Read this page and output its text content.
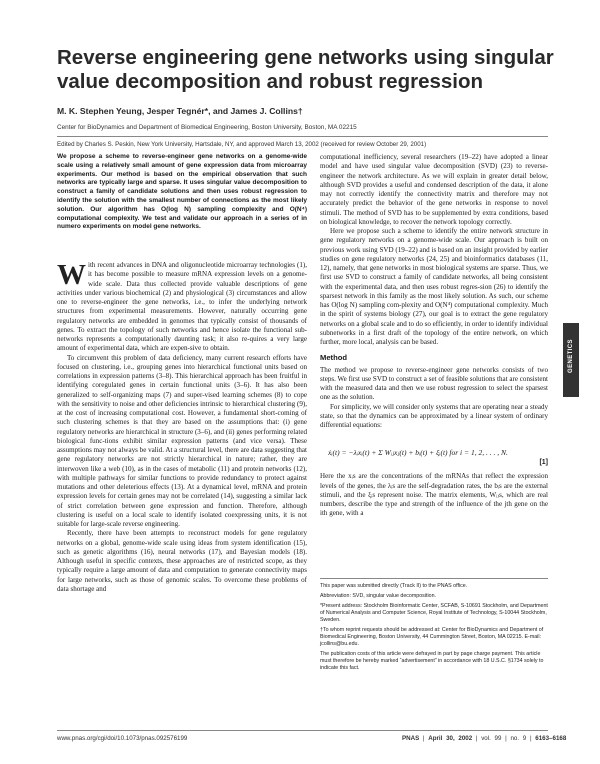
Reverse engineering gene networks using singular value decomposition and robust regression
M. K. Stephen Yeung, Jesper Tegnér*, and James J. Collins†
Center for BioDynamics and Department of Biomedical Engineering, Boston University, Boston, MA 02215
Edited by Charles S. Peskin, New York University, Hartsdale, NY, and approved March 13, 2002 (received for review October 29, 2001)

We propose a scheme to reverse-engineer gene networks on a genome-wide scale using a relatively small amount of gene expression data from microarray experiments. Our method is based on the empirical observation that such networks are typically large and sparse. It uses singular value decomposition to construct a family of candidate solutions and then uses robust regression to identify the solution with the smallest number of connections as the most likely solution. Our algorithm has O(log N) sampling complexity and O(N⁴) computational complexity. We test and validate our approach in a series of in numero experiments on model gene networks.

W ith recent advances in DNA and oligonucleotide microarray technologies (1), it has become possible to measure mRNA expression levels on a genome-wide scale. Data thus collected provide valuable descriptions of gene activities under various biochemical (2) and physiological (3) circumstances and allow one to reverse-engineer the gene networks, i.e., to infer the underlying network structures from experimental measurements. However, naturally occurring gene regulatory networks are embedded in genomes that typically consist of thousands of genes. To extract the topology of such networks and hence isolate the functional sub-networks represents a computationally daunting task; it also re-quires a very large amount of experimental data, which are expen-sive to obtain.

To circumvent this problem of data deficiency, many current research efforts have focused on clustering, i.e., grouping genes into hierarchical functional units based on correlations in expression patterns (3–8). This hierarchical approach has been fruitful in identifying coregulated genes in certain functional units (3–6). It has also been generalized to self-organizing maps (7) and super-vised learning schemes (8) to cope with the sensitivity to noise and other deficiencies intrinsic to hierarchical clustering (9), at the cost of increasing computational cost. However, a fundamental short-coming of such clustering schemes is that they are based on the assumptions that: (i) gene regulatory networks are hierarchical in structure (3–6), and (ii) genes performing related biological func-tions exhibit similar expression patterns (and vice versa). These assumptions may not always be valid. At a structural level, there are data suggesting that gene regulatory networks are not strictly hierarchical in nature; rather, they are interwoven like a web (10), as in the cases of metabolic (11) and protein networks (12), with multiple pathways for similar functions to provide redundancy to protect against mutations and other deleterious effects (13). At a dynamical level, mRNA and protein expression levels for certain genes may not be correlated (14), suggesting a similar lack of strict correlation between gene expression and function. Therefore, although clustering is useful on a local scale to identify isolated coexpressing units, it is not suitable for large-scale reverse engineering.

Recently, there have been attempts to reconstruct models for gene regulatory networks on a global, genome-wide scale using ideas from system identification (15), such as genetic algorithms (16), neural networks (17), and Bayesian models (18). Although useful in specific contexts, these approaches are of restricted scope, as they typically require a large amount of data and computation to generate connectivity maps for large networks, such as those of genomic scales. To overcome these problems of data shortage and

computational inefficiency, several researchers (19–22) have adopted a linear model and have used singular value decomposition (SVD) (23) to reverse-engineer the network architecture. As we will explain in greater detail below, although SVD provides a useful and condensed description of the data, it alone may not correctly identify the connectivity matrix and therefore may not accurately predict the behavior of the gene networks in response to novel stimuli. The method of SVD has to be supplemented by extra conditions, based on biological knowledge, to recover the network topology correctly.

Here we propose such a scheme to identify the entire network structure in gene regulatory networks on a genome-wide scale. Our approach is built on previous work using SVD (19–22) and is based on an insight provided by earlier studies on gene regulatory networks (24, 25) and bioinformatics databases (11, 12), namely, that gene networks in most biological systems are sparse. Thus, we first use SVD to construct a family of candidate networks, all being consistent with the experimental data, and then uses robust regres-sion (26) to identify the sparsest network in this family as the most likely solution. As such, our scheme has O(log N) sampling com-plexity and O(N⁴) computational complexity. Much in the spirit of systems biology (27), our goal is to extract the gene regulatory networks on a global scale and to do so efficiently, in order to identify individual subnetworks in a first draft of the topology of the entire network, on which further, more local, analysis can be based.

Method

The method we propose to reverse-engineer gene networks consists of two steps. We first use SVD to construct a set of feasible solutions that are consistent with the measured data and then we use robust regression to select the sparsest one as the solution.

For simplicity, we will consider only systems that are operating near a steady state, so that the dynamics can be approximated by a linear system of ordinary differential equations:

ẋᵢ(t) = −λᵢxᵢ(t) + Σ Wᵢⱼxⱼ(t) + bᵢ(t) + ξᵢ(t) for i = 1, 2, . . . , N.
[1]

Here the xᵢs are the concentrations of the mRNAs that reflect the expression levels of the genes, the λᵢs are the self-degradation rates, the bᵢs are the external stimuli, and the ξᵢs represent noise. The matrix elements, Wᵢⱼs, which are real numbers, describe the type and strength of the influence of the jth gene on the ith gene, with a

GENETICS

This paper was submitted directly (Track II) to the PNAS office.

Abbreviation: SVD, singular value decomposition.

*Present address: Stockholm Bioinformatic Center, SCFAB, S-10691 Stockholm, and Department of Numerical Analysis and Computer Science, Royal Institute of Technology, S-10044 Stockholm, Sweden.

†To whom reprint requests should be addressed at: Center for BioDynamics and Department of Biomedical Engineering, Boston University, 44 Cummington Street, Boston, MA 02215. E-mail: jcollins@bu.edu.

The publication costs of this article were defrayed in part by page charge payment. This article must therefore be hereby marked “advertisement” in accordance with 18 U.S.C. §1734 solely to indicate this fact.

www.pnas.org/cgi/doi/10.1073/pnas.092576199	PNAS | April 30, 2002 | vol. 99 | no. 9 | 6163–6168
